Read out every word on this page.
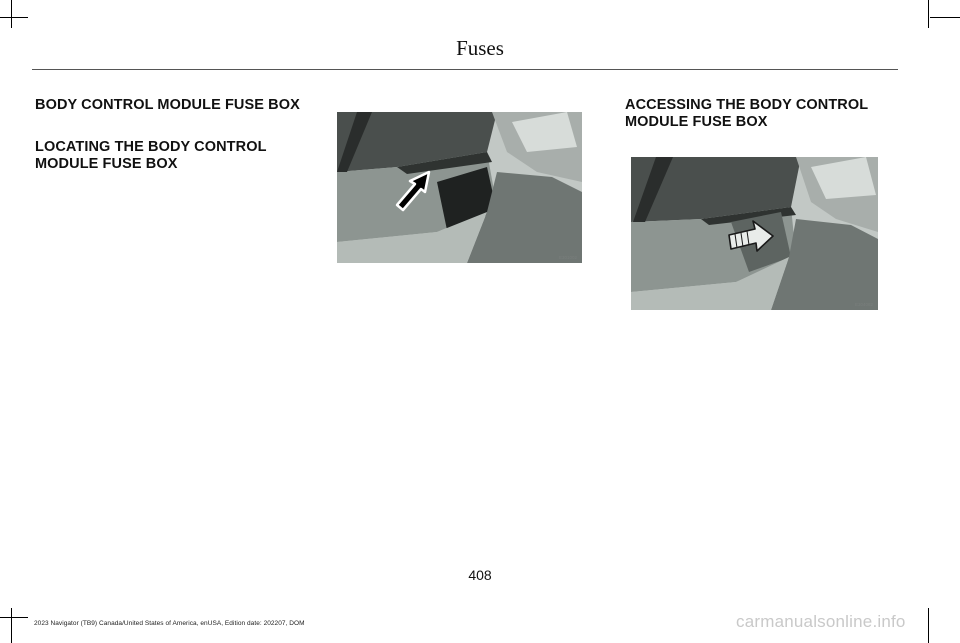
Fuses
BODY CONTROL MODULE FUSE BOX
LOCATING THE BODY CONTROL
MODULE FUSE BOX
ACCESSING THE BODY CONTROL
MODULE FUSE BOX
E301002
E304082
408
2023 Navigator (TB9) Canada/United States of America, enUSA, Edition date: 202207, DOM	carmanualsonline.info
